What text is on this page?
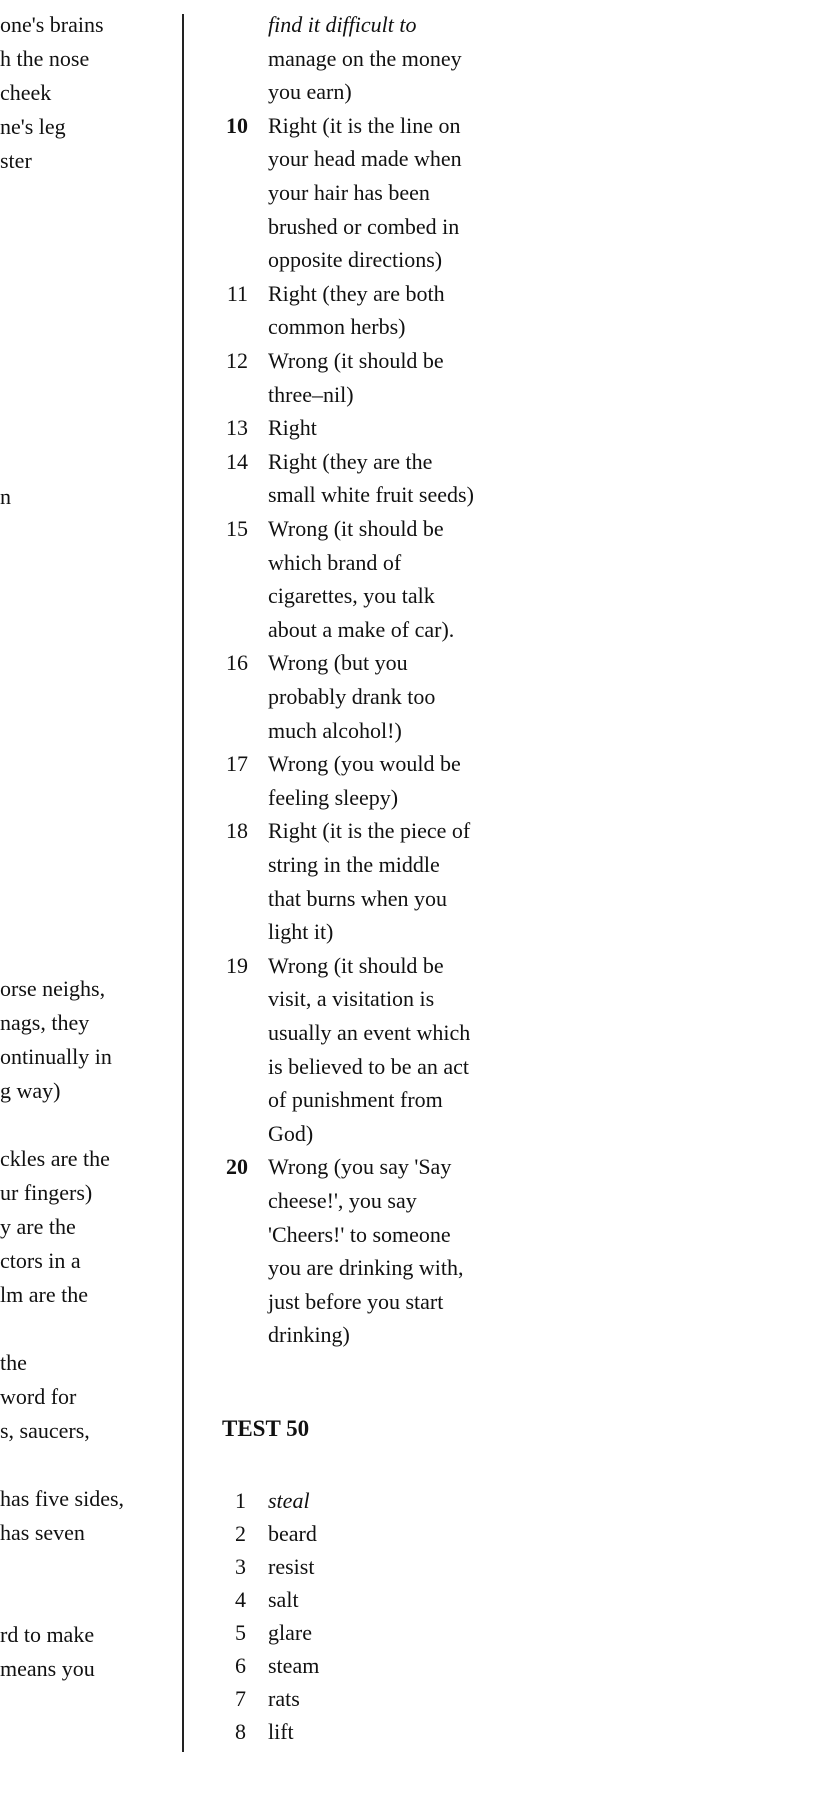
one's brains
h the nose
cheek
ne's leg
ster
n
orse neighs,
nags, they
ontinually in
g way)
ckles are the
ur fingers)
y are the
ctors in a
lm are the
the
word for
s, saucers,
has five sides,
has seven
rd to make
means you
find it difficult to
manage on the money
you earn)
10 Right (it is the line on
your head made when
your hair has been
brushed or combed in
opposite directions)
11 Right (they are both
common herbs)
12 Wrong (it should be
three–nil)
13 Right
14 Right (they are the
small white fruit seeds)
15 Wrong (it should be
which brand of
cigarettes, you talk
about a make of car).
16 Wrong (but you
probably drank too
much alcohol!)
17 Wrong (you would be
feeling sleepy)
18 Right (it is the piece of
string in the middle
that burns when you
light it)
19 Wrong (it should be
visit, a visitation is
usually an event which
is believed to be an act
of punishment from
God)
20 Wrong (you say 'Say
cheese!', you say
'Cheers!' to someone
you are drinking with,
just before you start
drinking)
TEST 50
1 steal
2 beard
3 resist
4 salt
5 glare
6 steam
7 rats
8 lift
